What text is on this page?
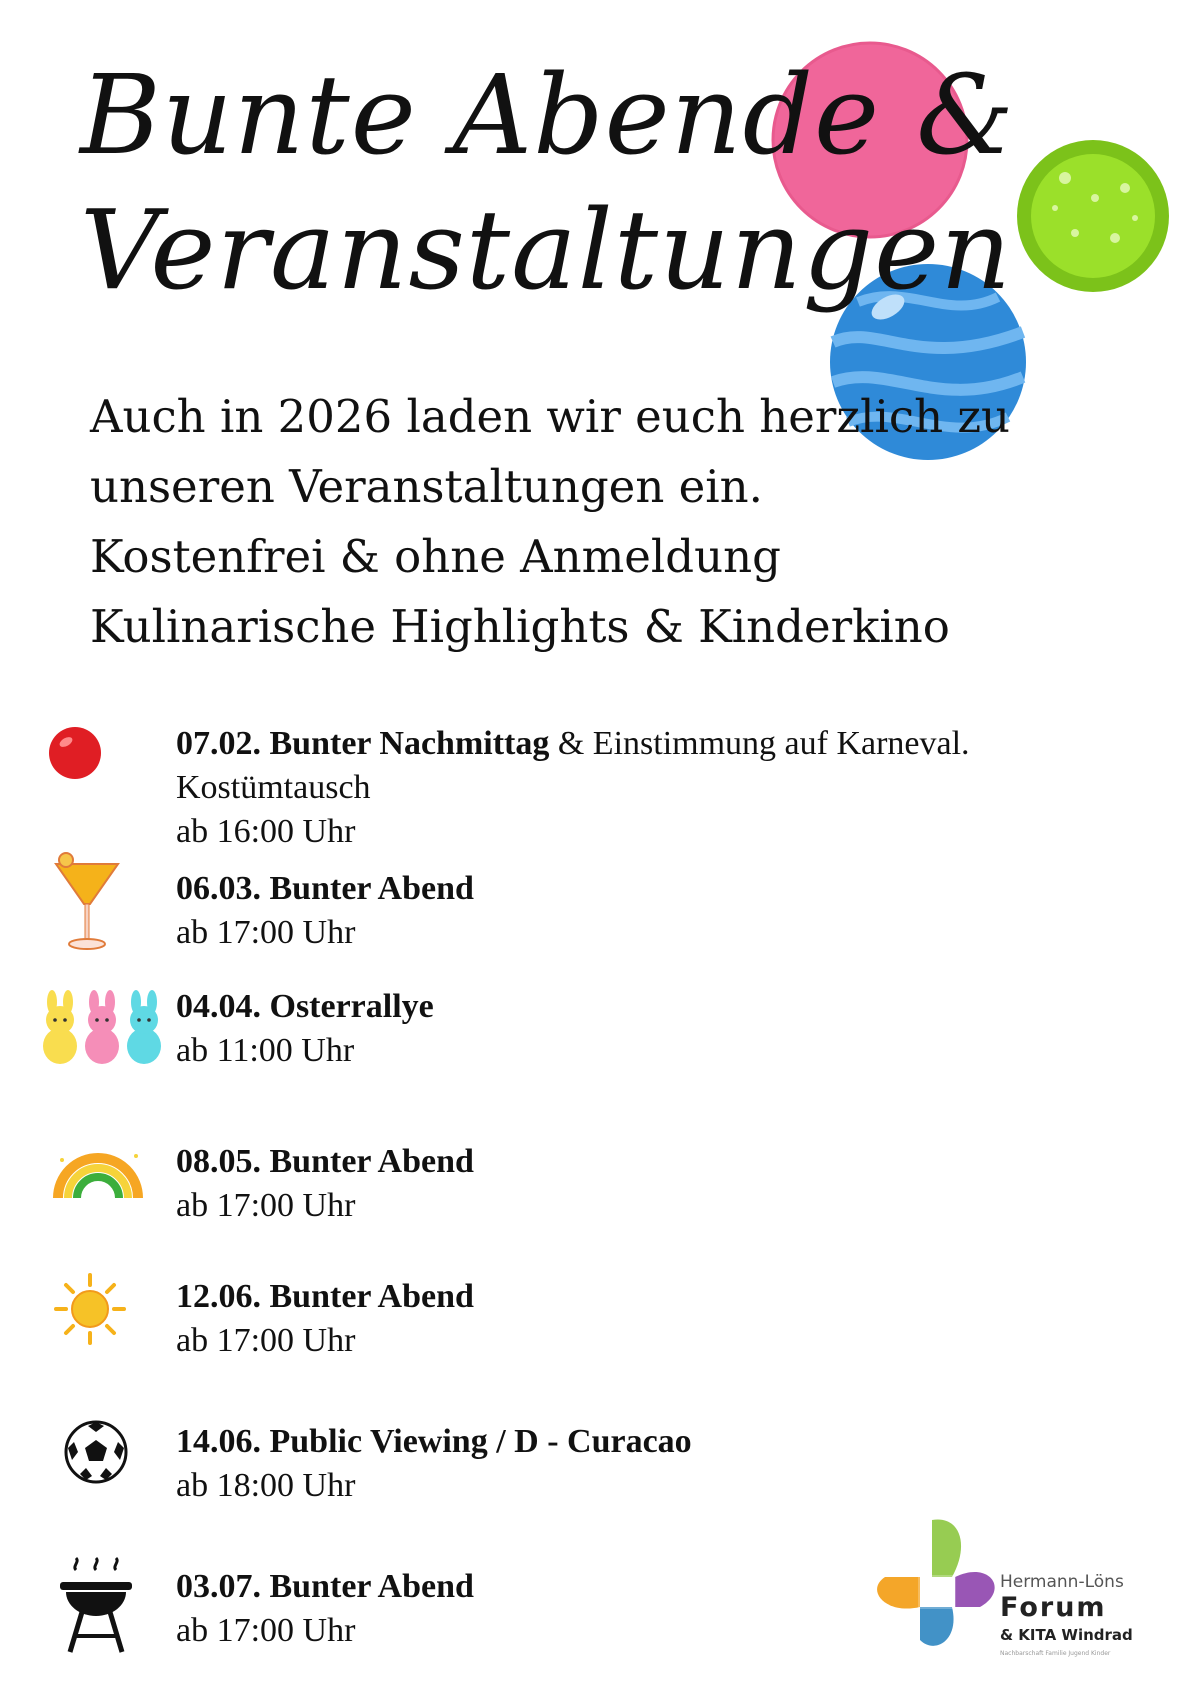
Bunte Abende &
Veranstaltungen
Auch in 2026 laden wir euch herzlich zu
unseren Veranstaltungen ein.
Kostenfrei & ohne Anmeldung
Kulinarische Highlights & Kinderkino
07.02. Bunter Nachmittag & Einstimmung auf Karneval.
Kostümtausch
ab 16:00 Uhr
06.03. Bunter Abend
ab 17:00 Uhr
04.04. Osterrallye
ab 11:00 Uhr
08.05. Bunter Abend
ab 17:00 Uhr
12.06. Bunter Abend
ab 17:00 Uhr
14.06. Public Viewing / D - Curacao
ab 18:00 Uhr
03.07. Bunter Abend
ab 17:00 Uhr
Hermann-Löns
Forum
& KITA Windrad
Nachbarschaft Familie Jugend Kinder
